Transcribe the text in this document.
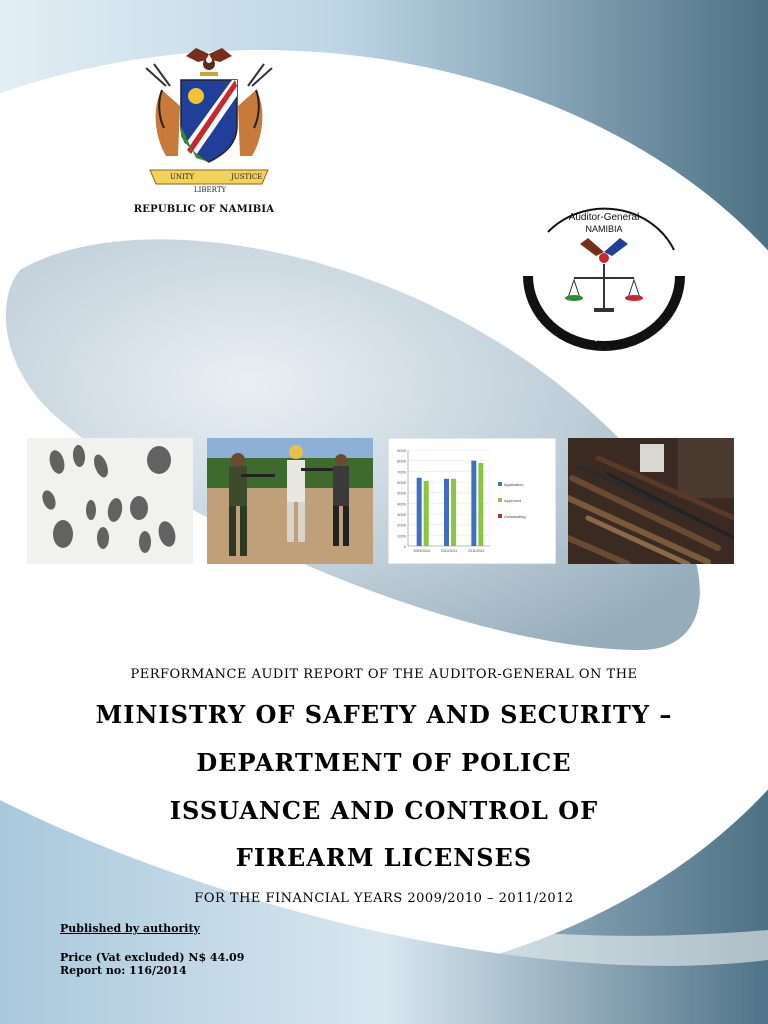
UNITY	JUSTICE
LIBERTY
REPUBLIC OF NAMIBIA
Auditor-General
NAMIBIA
Enhancing Transparent Accountability
0
1000
2000
3000
4000
5000
6000
7000
8000
9000
2009/2010	2010/2011	2011/2012
Application
Approved
Outstanding
PERFORMANCE AUDIT REPORT OF THE AUDITOR-GENERAL ON THE
MINISTRY OF SAFETY AND SECURITY –
DEPARTMENT OF POLICE
ISSUANCE AND CONTROL OF
FIREARM LICENSES
FOR THE FINANCIAL YEARS 2009/2010 – 2011/2012
Published by authority
Price (Vat excluded) N$ 44.09
Report no: 116/2014
